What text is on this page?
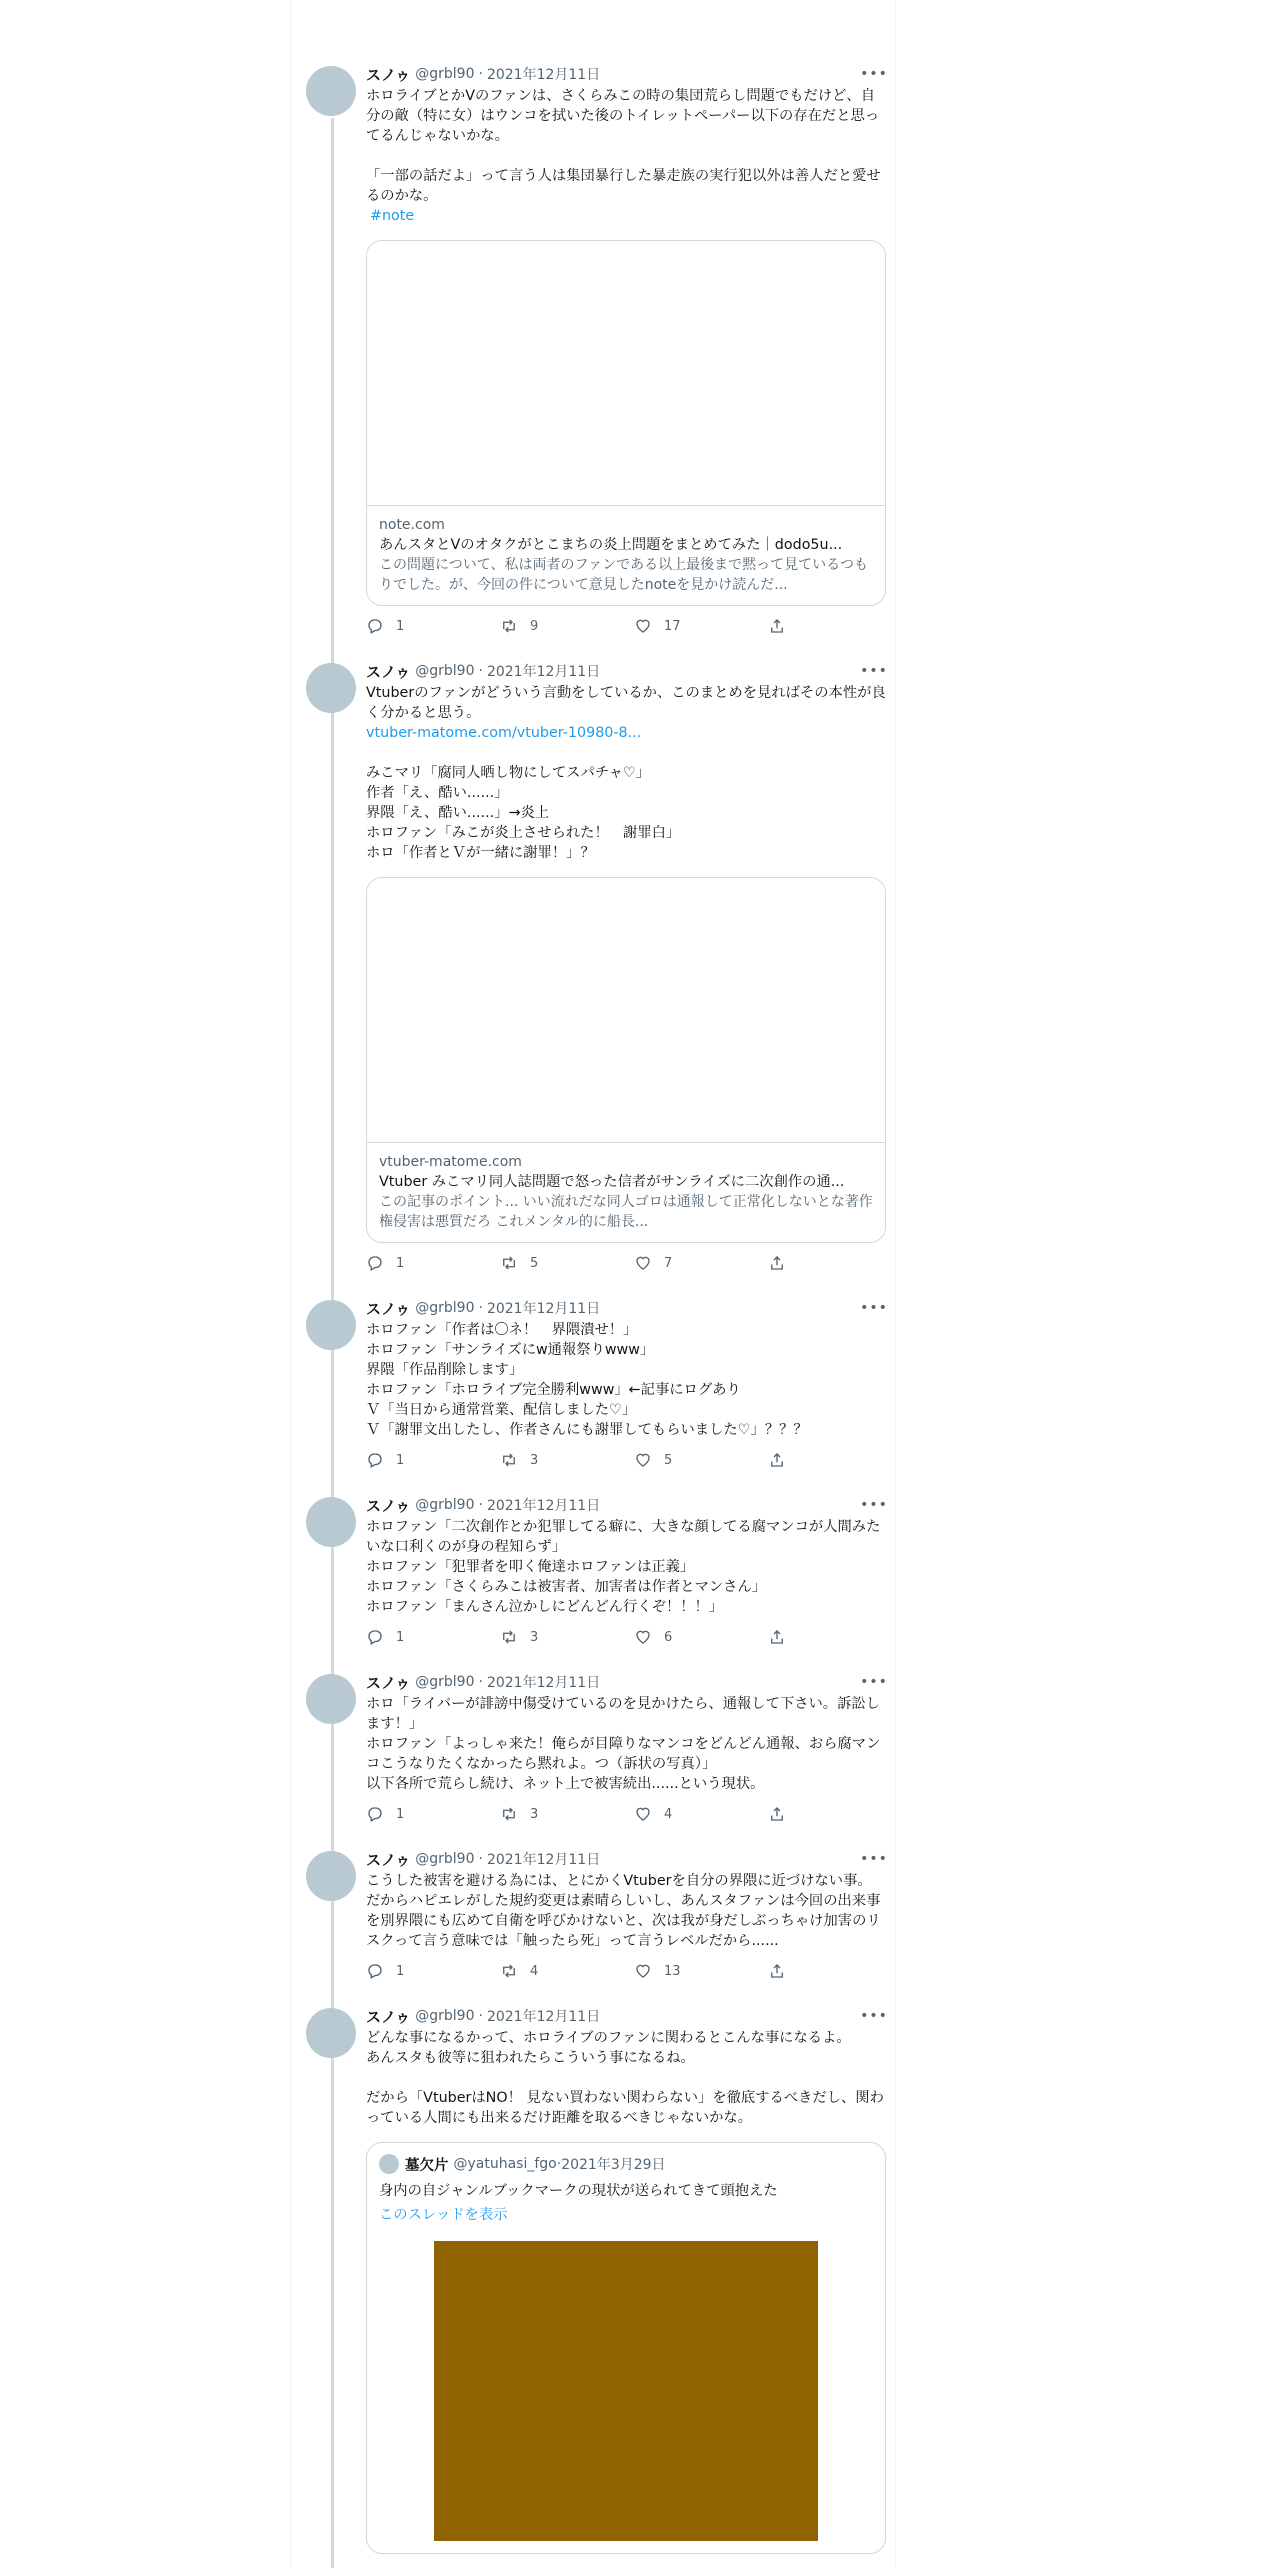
スノゥ @grbl90 · 2021年12月11日	•••
ホロライブとかVのファンは、さくらみこの時の集団荒らし問題でもだけど、自分の敵（特に女）はウンコを拭いた後のトイレットペーパー以下の存在だと思ってるんじゃないかな。

「一部の話だよ」って言う人は集団暴行した暴走族の実行犯以外は善人だと愛せるのかな。
#note
note.com
あんスタとVのオタクがとこまちの炎上問題をまとめてみた｜dodo5u...
この問題について、私は両者のファンである以上最後まで黙って見ているつもりでした。が、今回の件について意見したnoteを見かけ読んだ...
1	9	17
スノゥ @grbl90 · 2021年12月11日	•••
Vtuberのファンがどういう言動をしているか、このまとめを見ればその本性が良く分かると思う。
vtuber-matome.com/vtuber-10980-8...

みこマリ「腐同人晒し物にしてスパチャ♡」
作者「え、酷い......」
界隈「え、酷い......」→炎上
ホロファン「みこが炎上させられた！　謝罪白」
ホロ「作者とＶが一緒に謝罪！」？
vtuber-matome.com
Vtuber みこマリ同人誌問題で怒った信者がサンライズに二次創作の通...
この記事のポイント... いい流れだな同人ゴロは通報して正常化しないとな著作権侵害は悪質だろ これメンタル的に船長...
1	5	7
スノゥ @grbl90 · 2021年12月11日	•••
ホロファン「作者は〇ネ！　界隈潰せ！」
ホロファン「サンライズにw通報祭りwww」
界隈「作品削除します」
ホロファン「ホロライブ完全勝利www」←記事にログあり
Ｖ「当日から通常営業、配信しました♡」
Ｖ「謝罪文出したし、作者さんにも謝罪してもらいました♡」？？？
1	3	5
スノゥ @grbl90 · 2021年12月11日	•••
ホロファン「二次創作とか犯罪してる癖に、大きな顔してる腐マンコが人間みたいな口利くのが身の程知らず」
ホロファン「犯罪者を叩く俺達ホロファンは正義」
ホロファン「さくらみこは被害者、加害者は作者とマンさん」
ホロファン「まんさん泣かしにどんどん行くぞ！！！」
1	3	6
スノゥ @grbl90 · 2021年12月11日	•••
ホロ「ライバーが誹謗中傷受けているのを見かけたら、通報して下さい。訴訟します！」
ホロファン「よっしゃ来た！俺らが目障りなマンコをどんどん通報、おら腐マンコこうなりたくなかったら黙れよ。つ（訴状の写真）」
以下各所で荒らし続け、ネット上で被害続出......という現状。
1	3	4
スノゥ @grbl90 · 2021年12月11日	•••
こうした被害を避ける為には、とにかくVtuberを自分の界隈に近づけない事。
だからハピエレがした規約変更は素晴らしいし、あんスタファンは今回の出来事を別界隈にも広めて自衛を呼びかけないと、次は我が身だしぶっちゃけ加害のリスクって言う意味では「触ったら死」って言うレベルだから......
1	4	13
スノゥ @grbl90 · 2021年12月11日	•••
どんな事になるかって、ホロライブのファンに関わるとこんな事になるよ。
あんスタも彼等に狙われたらこういう事になるね。

だから「VtuberはNO！ 見ない買わない関わらない」を徹底するべきだし、関わっている人間にも出来るだけ距離を取るべきじゃないかな。
墓欠片 @yatuhasi_fgo · 2021年3月29日
身内の自ジャンルブックマークの現状が送られてきて頭抱えた
このスレッドを表示
